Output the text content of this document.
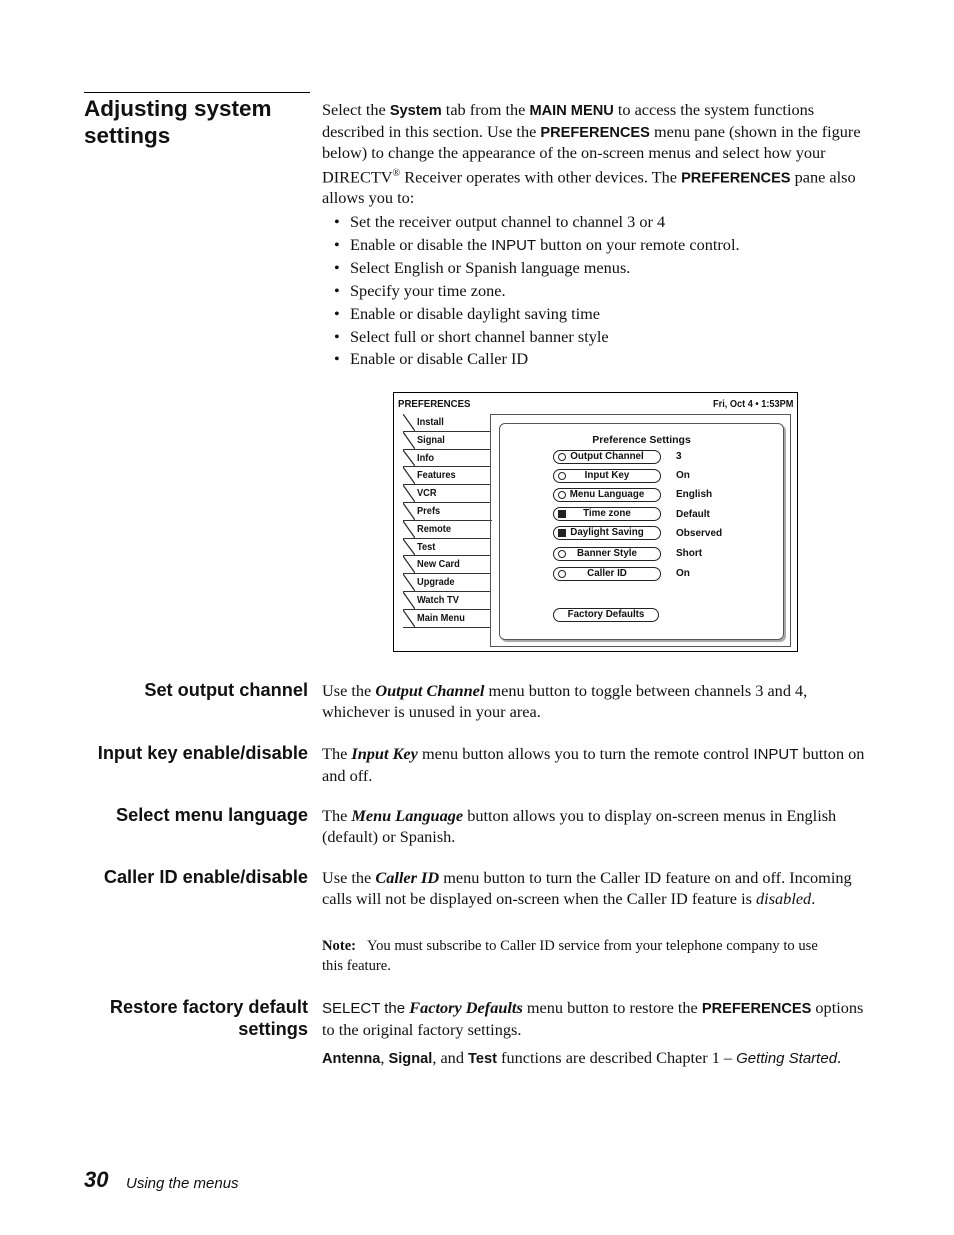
Adjusting system settings

Select the System tab from the MAIN MENU to access the system functions described in this section. Use the PREFERENCES menu pane (shown in the figure below) to change the appearance of the on-screen menus and select how your DIRECTV® Receiver operates with other devices. The PREFERENCES pane also allows you to:

• Set the receiver output channel to channel 3 or 4
• Enable or disable the INPUT button on your remote control.
• Select English or Spanish language menus.
• Specify your time zone.
• Enable or disable daylight saving time
• Select full or short channel banner style
• Enable or disable Caller ID
PREFERENCES	Fri, Oct 4 • 1:53PM
Install
Signal
Info
Features
VCR
Prefs
Remote
Test
New Card
Upgrade
Watch TV
Main Menu
Preference Settings
Output Channel	3
Input Key	On
Menu Language	English
Time zone	Default
Daylight Saving	Observed
Banner Style	Short
Caller ID	On
Factory Defaults
Set output channel Use the Output Channel menu button to toggle between channels 3 and 4, whichever is unused in your area.

Input key enable/disable The Input Key menu button allows you to turn the remote control INPUT button on and off.

Select menu language The Menu Language button allows you to display on-screen menus in English (default) or Spanish.

Caller ID enable/disable Use the Caller ID menu button to turn the Caller ID feature on and off. Incoming calls will not be displayed on-screen when the Caller ID feature is disabled.

Note: You must subscribe to Caller ID service from your telephone company to use this feature.
Restore factory default
settings

SELECT the Factory Defaults menu button to restore the PREFERENCES options to the original factory settings.

Antenna, Signal, and Test functions are described Chapter 1 – Getting Started.

30 Using the menus
